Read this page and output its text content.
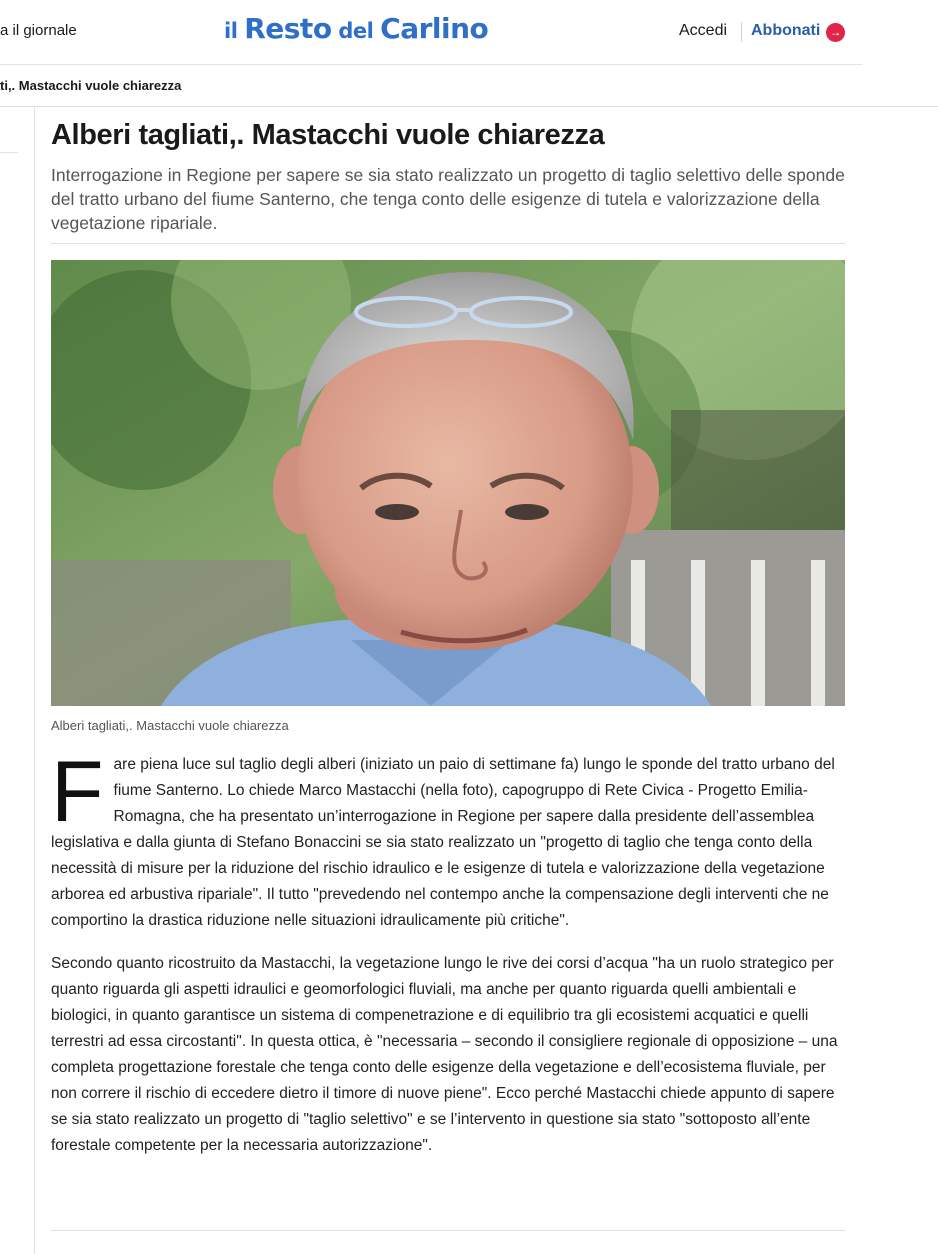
a il giornale	il Resto del Carlino	Accedi Abbonati →
ti,. Mastacchi vuole chiarezza
Alberi tagliati,. Mastacchi vuole chiarezza

Interrogazione in Regione per sapere se sia stato realizzato un progetto di taglio selettivo delle sponde del tratto urbano del fiume Santerno, che tenga conto delle esigenze di tutela e valorizzazione della vegetazione ripariale.

Alberi tagliati,. Mastacchi vuole chiarezza

Fare piena luce sul taglio degli alberi (iniziato un paio di settimane fa) lungo le sponde del tratto urbano del fiume Santerno. Lo chiede Marco Mastacchi (nella foto), capogruppo di Rete Civica - Progetto Emilia-Romagna, che ha presentato un’interrogazione in Regione per sapere dalla presidente dell’assemblea legislativa e dalla giunta di Stefano Bonaccini se sia stato realizzato un "progetto di taglio che tenga conto della necessità di misure per la riduzione del rischio idraulico e le esigenze di tutela e valorizzazione della vegetazione arborea ed arbustiva ripariale". Il tutto "prevedendo nel contempo anche la compensazione degli interventi che ne comportino la drastica riduzione nelle situazioni idraulicamente più critiche".

Secondo quanto ricostruito da Mastacchi, la vegetazione lungo le rive dei corsi d’acqua "ha un ruolo strategico per quanto riguarda gli aspetti idraulici e geomorfologici fluviali, ma anche per quanto riguarda quelli ambientali e biologici, in quanto garantisce un sistema di compenetrazione e di equilibrio tra gli ecosistemi acquatici e quelli terrestri ad essa circostanti". In questa ottica, è "necessaria – secondo il consigliere regionale di opposizione – una completa progettazione forestale che tenga conto delle esigenze della vegetazione e dell’ecosistema fluviale, per non correre il rischio di eccedere dietro il timore di nuove piene". Ecco perché Mastacchi chiede appunto di sapere se sia stato realizzato un progetto di "taglio selettivo" e se l’intervento in questione sia stato "sottoposto all’ente forestale competente per la necessaria autorizzazione".
